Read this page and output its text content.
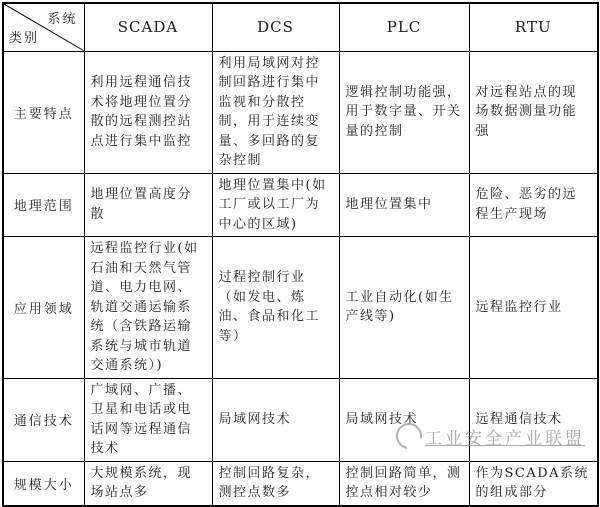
系统
类别	SCADA	DCS	PLC	RTU
主要特点	利用远程通信技术将地理位置分散的远程测控站点进行集中监控	利用局域网对控制回路进行集中监视和分散控制，用于连续变量、多回路的复杂控制	逻辑控制功能强，用于数字量、开关量的控制	对远程站点的现场数据测量功能强
地理范围	地理位置高度分散	地理位置集中(如工厂或以工厂为中心的区域)	地理位置集中	危险、恶劣的远程生产现场
应用领域	远程监控行业(如石油和天然气管道、电力电网、轨道交通运输系统（含铁路运输系统与城市轨道交通系统）)	过程控制行业（如发电、炼油、食品和化工等）	工业自动化(如生产线等)	远程监控行业
通信技术	广域网、广播、卫星和电话或电话网等远程通信技术	局域网技术	局域网技术	远程通信技术
规模大小	大规模系统，现场站点多	控制回路复杂，测控点数多	控制回路简单，测控点相对较少	作为SCADA系统的组成部分
工业安全产业联盟
